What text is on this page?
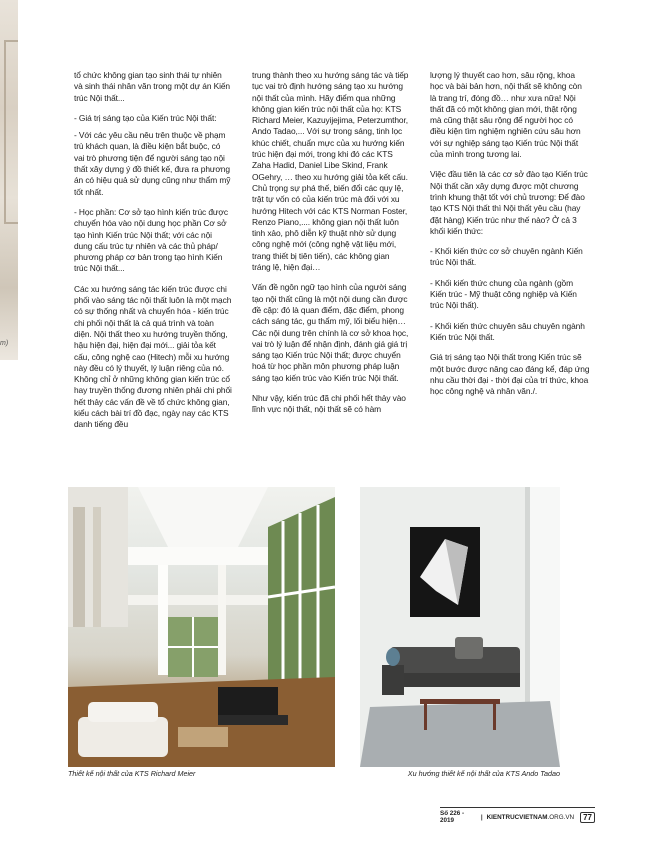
m)

tổ chức không gian tạo sinh thái tự nhiên và sinh thái nhân văn trong một dự án Kiến trúc Nội thất...

- Giá trị sáng tạo của Kiến trúc Nội thất:

- Với các yêu cầu nêu trên thuộc về phạm trù khách quan, là điều kiện bắt buộc, có vai trò phương tiện để người sáng tạo nội thất xây dựng ý đồ thiết kế, đưa ra phương án có hiệu quả sử dụng cũng như thẩm mỹ tốt nhất.

- Học phần: Cơ sở tạo hình kiến trúc được chuyển hóa vào nội dung học phần Cơ sở tạo hình Kiến trúc Nội thất; với các nội dung cấu trúc tự nhiên và các thủ pháp/ phương pháp cơ bản trong tạo hình Kiến trúc Nội thất...

Các xu hướng sáng tác kiến trúc được chi phối vào sáng tác nội thất luôn là một mạch có sự thống nhất và chuyển hóa - kiến trúc chi phối nội thất là cả quá trình và toàn diện. Nội thất theo xu hướng truyền thống, hậu hiện đại, hiện đại mới... giải tỏa kết cấu, công nghệ cao (Hitech) mỗi xu hướng này đều có lý thuyết, lý luận riêng của nó. Không chỉ ở những không gian kiến trúc cổ hay truyền thống đương nhiên phải chi phối hết thảy các vấn đề về tổ chức không gian, kiểu cách bài trí đồ đạc, ngày nay các KTS danh tiếng đều

trung thành theo xu hướng sáng tác và tiếp tục vai trò định hướng sáng tạo xu hướng nội thất của mình. Hãy điểm qua những không gian kiến trúc nội thất của họ: KTS Richard Meier, Kazuyijejima, Peterzumthor, Ando Tadao,... Với sự trong sáng, tinh lọc khúc chiết, chuẩn mực của xu hướng kiến trúc hiện đại mới, trong khi đó các KTS Zaha Hadid, Daniel Libe Skind, Frank OGehry, … theo xu hướng giải tỏa kết cấu. Chủ trọng sự phá thế, biến đổi các quy lệ, trật tự vốn có của kiến trúc mà đối với xu hướng Hitech với các KTS Norman Foster, Renzo Piano,.... không gian nội thất luôn tinh xảo, phô diễn kỹ thuật nhờ sử dụng công nghệ mới (công nghệ vật liệu mới, trang thiết bị tiên tiến), các không gian tráng lệ, hiện đại…

Vấn đề ngôn ngữ tạo hình của người sáng tạo nội thất cũng là một nội dung cần được đề cập: đó là quan điểm, đặc điểm, phong cách sáng tác, gu thẩm mỹ, lối biểu hiện… Các nội dung trên chính là cơ sở khoa học, vai trò lý luận để nhận định, đánh giá giá trị sáng tạo Kiến trúc Nội thất; được chuyển hoá từ học phần môn phương pháp luận sáng tạo kiến trúc vào Kiến trúc Nội thất.

Như vậy, kiến trúc đã chi phối hết thảy vào lĩnh vực nội thất, nội thất sẽ có hàm

lượng lý thuyết cao hơn, sâu rộng, khoa học và bài bản hơn, nội thất sẽ không còn là trang trí, đóng đồ… như xưa nữa! Nội thất đã có một không gian mới, thật rộng mà cũng thật sâu rộng để người học có điều kiện tìm nghiệm nghiên cứu sâu hơn với sự nghiệp sáng tạo Kiến trúc Nội thất của mình trong tương lai.

Việc đầu tiên là các cơ sở đào tạo Kiến trúc Nội thất cần xây dựng được một chương trình khung thật tốt với chủ trương: Để đào tạo KTS Nội thất thì Nội thất yêu cầu (hay đặt hàng) Kiến trúc như thế nào? Ở cả 3 khối kiến thức:

- Khối kiến thức cơ sở chuyên ngành Kiến trúc Nội thất.

- Khối kiến thức chung của ngành (gồm Kiến trúc - Mỹ thuật công nghiệp và Kiến trúc Nội thất).

- Khối kiến thức chuyên sâu chuyên ngành Kiến trúc Nội thất.

Giá trị sáng tạo Nội thất trong Kiến trúc sẽ một bước được nâng cao đáng kể, đáp ứng nhu cầu thời đại - thời đại của trí thức, khoa học công nghệ và nhân văn./.

Thiết kế nội thất của KTS Richard Meier	Xu hướng thiết kế nội thất của KTS Ando Tadao
Số 226 - 2019	| KIENTRUCVIETNAM .ORG.VN	77
